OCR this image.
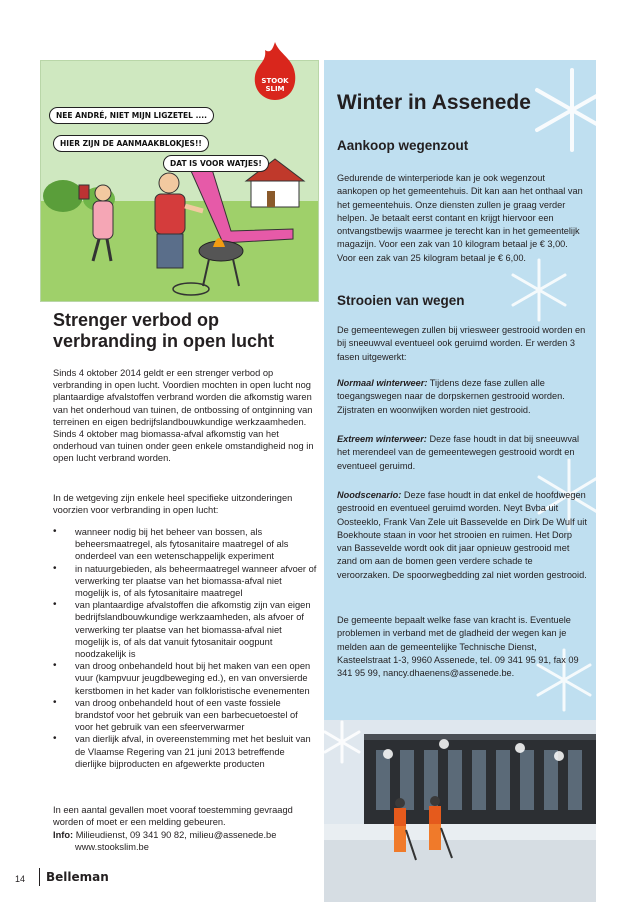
NEE ANDRÉ, NIET MIJN LIGZETEL ....
HIER ZIJN DE AANMAAKBLOKJES!!
DAT IS VOOR WATJES!
STOOK
SLIM
Strenger verbod op verbranding in open lucht
Sinds 4 oktober 2014 geldt er een strenger verbod op verbranding in open lucht. Voordien mochten in open lucht nog plantaardige afvalstoffen verbrand worden die afkomstig waren van het onderhoud van tuinen, de ontbossing of ontginning van terreinen en eigen bedrijfslandbouwkundige werkzaamheden. Sinds 4 oktober mag biomassa-afval afkomstig van het onderhoud van tuinen onder geen enkele omstandigheid nog in open lucht verbrand worden.
In de wetgeving zijn enkele heel specifieke uitzonderingen voorzien voor verbranding in open lucht:
• wanneer nodig bij het beheer van bossen, als beheersmaatregel, als fytosanitaire maatregel of als onderdeel van een wetenschappelijk experiment
• in natuurgebieden, als beheermaatregel wanneer afvoer of verwerking ter plaatse van het biomassa-afval niet mogelijk is, of als fytosanitaire maatregel
• van plantaardige afvalstoffen die afkomstig zijn van eigen bedrijfslandbouwkundige werkzaamheden, als afvoer of verwerking ter plaatse van het biomassa-afval niet mogelijk is, of als dat vanuit fytosanitair oogpunt noodzakelijk is
• van droog onbehandeld hout bij het maken van een open vuur (kampvuur jeugdbeweging ed.), en van onversierde kerstbomen in het kader van folkloristische evenementen
• van droog onbehandeld hout of een vaste fossiele brandstof voor het gebruik van een barbecuetoestel of voor het gebruik van een sfeerverwarmer
• van dierlijk afval, in overeenstemming met het besluit van de Vlaamse Regering van 21 juni 2013 betreffende dierlijke bijproducten en afgewerkte producten
In een aantal gevallen moet vooraf toestemming gevraagd worden of moet er een melding gebeuren.
Info: Milieudienst, 09 341 90 82, milieu@assenede.be
www.stookslim.be
Winter in Assenede
Aankoop wegenzout
Gedurende de winterperiode kan je ook wegenzout aankopen op het gemeentehuis. Dit kan aan het onthaal van het gemeentehuis. Onze diensten zullen je graag verder helpen. Je betaalt eerst contant en krijgt hiervoor een ontvangstbewijs waarmee je terecht kan in het gemeentelijk magazijn. Voor een zak van 10 kilogram betaal je € 3,00. Voor een zak van 25 kilogram betaal je € 6,00.
Strooien van wegen
De gemeentewegen zullen bij vriesweer gestrooid worden en bij sneeuwval eventueel ook geruimd worden. Er werden 3 fasen uitgewerkt:
Normaal winterweer: Tijdens deze fase zullen alle toegangswegen naar de dorpskernen gestrooid worden. Zijstraten en woonwijken worden niet gestrooid.
Extreem winterweer: Deze fase houdt in dat bij sneeuwval het merendeel van de gemeentewegen gestrooid wordt en eventueel geruimd.
Noodscenario: Deze fase houdt in dat enkel de hoofdwegen gestrooid en eventueel geruimd worden. Neyt Bvba uit Oosteeklo, Frank Van Zele uit Bassevelde en Dirk De Wulf uit Boekhoute staan in voor het strooien en ruimen. Het Dorp van Bassevelde wordt ook dit jaar opnieuw gestrooid met zand om aan de bomen geen verdere schade te veroorzaken. De spoorwegbedding zal niet worden gestrooid.
De gemeente bepaalt welke fase van kracht is. Eventuele problemen in verband met de gladheid der wegen kan je melden aan de gemeentelijke Technische Dienst, Kasteelstraat 1-3, 9960 Assenede, tel. 09 341 95 91, fax 09 341 95 99, nancy.dhaenens@assenede.be.
14 Belleman
